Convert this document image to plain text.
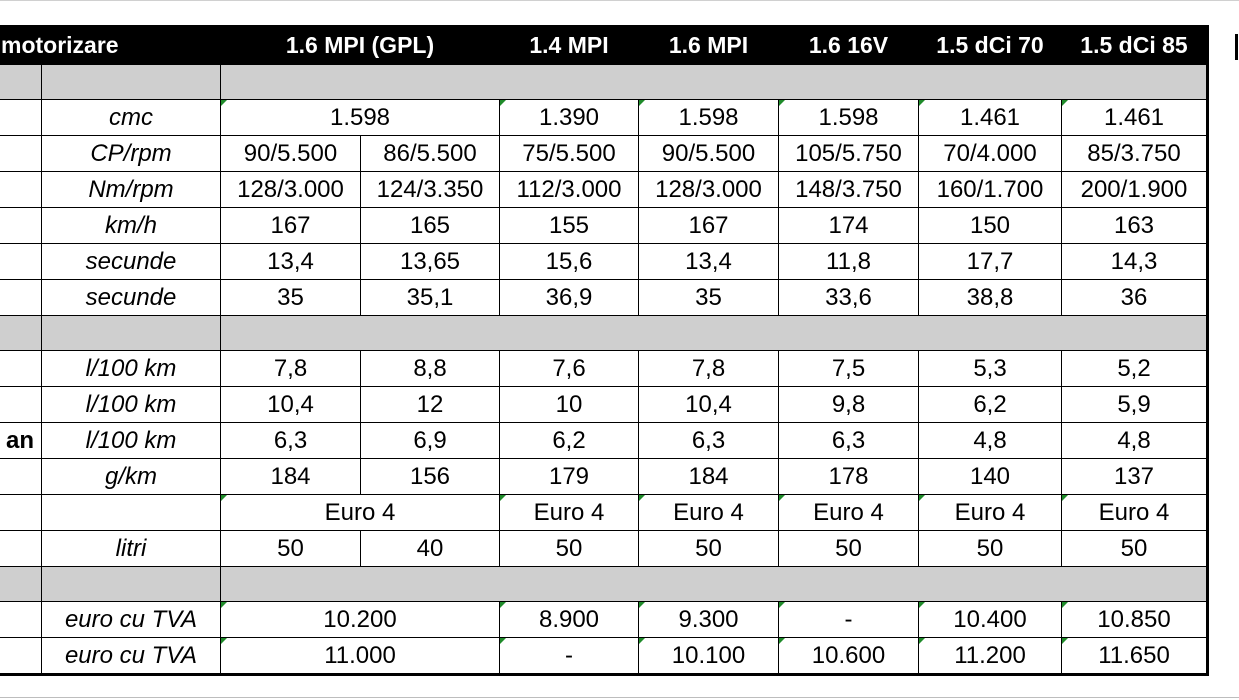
motorizare		1.6 MPI (GPL)		1.4 MPI	1.6 MPI	1.6 16V	1.5 dCi 70	1.5 dCi 85

	cmc	1.598		1.390	1.598	1.598	1.461	1.461
	CP/rpm	90/5.500	86/5.500	75/5.500	90/5.500	105/5.750	70/4.000	85/3.750
	Nm/rpm	128/3.000	124/3.350	112/3.000	128/3.000	148/3.750	160/1.700	200/1.900
	km/h	167	165	155	167	174	150	163
	secunde	13,4	13,65	15,6	13,4	11,8	17,7	14,3
	secunde	35	35,1	36,9	35	33,6	38,8	36

	l/100 km	7,8	8,8	7,6	7,8	7,5	5,3	5,2
	l/100 km	10,4	12	10	10,4	9,8	6,2	5,9
an	l/100 km	6,3	6,9	6,2	6,3	6,3	4,8	4,8
	g/km	184	156	179	184	178	140	137
		Euro 4		Euro 4	Euro 4	Euro 4	Euro 4	Euro 4
	litri	50	40	50	50	50	50	50

	euro cu TVA	10.200		8.900	9.300	-	10.400	10.850
	euro cu TVA	11.000		-	10.100	10.600	11.200	11.650
